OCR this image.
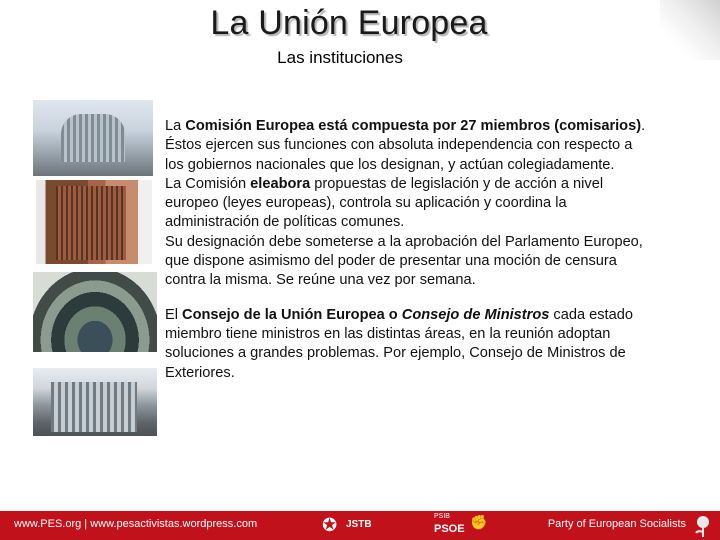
La Unión Europea
Las instituciones

La Comisión Europea está compuesta por 27 miembros (comisarios). Éstos ejercen sus funciones con absoluta independencia con respecto a los gobiernos nacionales que los designan, y actúan colegiadamente.
La Comisión eleabora propuestas de legislación y de acción a nivel europeo (leyes europeas), controla su aplicación y coordina la administración de políticas comunes.
Su designación debe someterse a la aprobación del Parlamento Europeo, que dispone asimismo del poder de presentar una moción de censura contra la misma. Se reúne una vez por semana.

El Consejo de la Unión Europea o Consejo de Ministros cada estado miembro tiene ministros en las distintas áreas, en la reunión adoptan soluciones a grandes problemas. Por ejemplo, Consejo de Ministros de Exteriores.

www.PES.org | www.pesactivistas.wordpress.com	✪ JSTB
PSIB
PSOE ✊	Party of European Socialists
